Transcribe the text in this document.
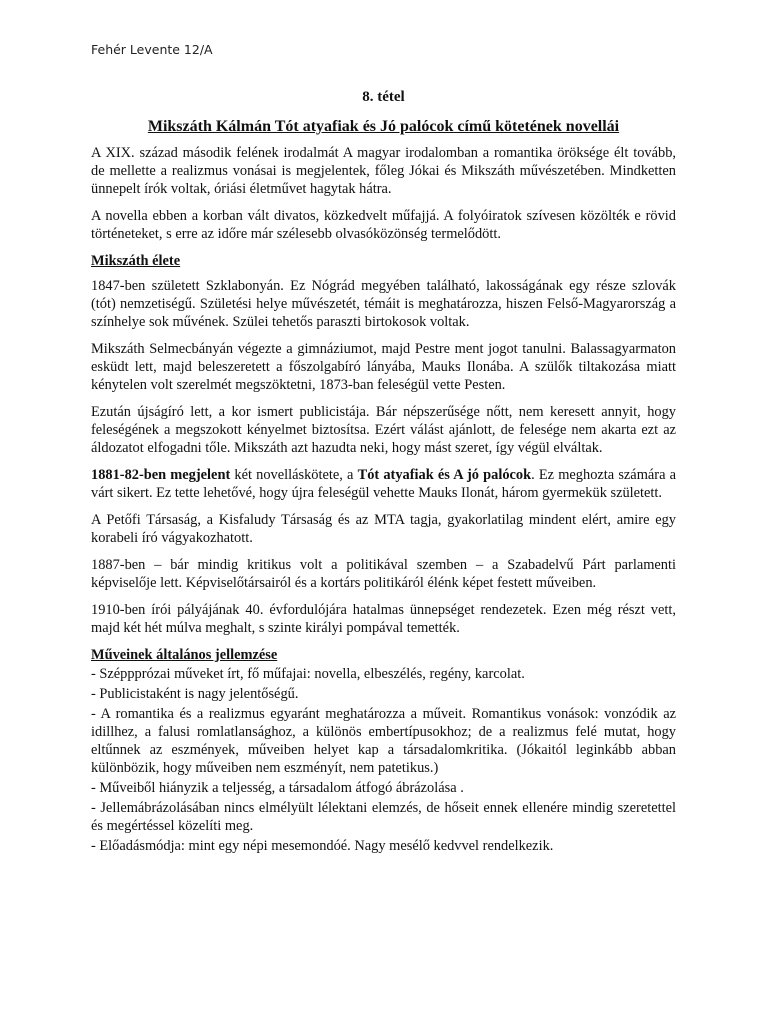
Fehér Levente 12/A
8. tétel
Mikszáth Kálmán Tót atyafiak és Jó palócok című kötetének novellái

A XIX. század második felének irodalmát A magyar irodalomban a romantika öröksége élt tovább, de mellette a realizmus vonásai is megjelentek, főleg Jókai és Mikszáth művészetében. Mindketten ünnepelt írók voltak, óriási életművet hagytak hátra.

A novella ebben a korban vált divatos, közkedvelt műfajjá. A folyóiratok szívesen közölték e rövid történeteket, s erre az időre már szélesebb olvasóközönség termelődött.

Mikszáth élete

1847-ben született Szklabonyán. Ez Nógrád megyében található, lakosságának egy része szlovák (tót) nemzetiségű. Születési helye művészetét, témáit is meghatározza, hiszen Felső-Magyarország a színhelye sok művének. Szülei tehetős paraszti birtokosok voltak.

Mikszáth Selmecbányán végezte a gimnáziumot, majd Pestre ment jogot tanulni. Balassagyarmaton esküdt lett, majd beleszeretett a főszolgabíró lányába, Mauks Ilonába. A szülők tiltakozása miatt kénytelen volt szerelmét megszöktetni, 1873-ban feleségül vette Pesten.

Ezután újságíró lett, a kor ismert publicistája. Bár népszerűsége nőtt, nem keresett annyit, hogy feleségének a megszokott kényelmet biztosítsa. Ezért válást ajánlott, de felesége nem akarta ezt az áldozatot elfogadni tőle. Mikszáth azt hazudta neki, hogy mást szeret, így végül elváltak.

1881-82-ben megjelent két novelláskötete, a Tót atyafiak és A jó palócok. Ez meghozta számára a várt sikert. Ez tette lehetővé, hogy újra feleségül vehette Mauks Ilonát, három gyermekük született.

A Petőfi Társaság, a Kisfaludy Társaság és az MTA tagja, gyakorlatilag mindent elért, amire egy korabeli író vágyakozhatott.

1887-ben – bár mindig kritikus volt a politikával szemben – a Szabadelvű Párt parlamenti képviselője lett. Képviselőtársairól és a kortárs politikáról élénk képet festett műveiben.

1910-ben írói pályájának 40. évfordulójára hatalmas ünnepséget rendezetek. Ezen még részt vett, majd két hét múlva meghalt, s szinte királyi pompával temették.

Műveinek általános jellemzése

- Széppprózai műveket írt, fő műfajai: novella, elbeszélés, regény, karcolat.

- Publicistaként is nagy jelentőségű.

- A romantika és a realizmus egyaránt meghatározza a műveit. Romantikus vonások: vonzódik az idillhez, a falusi romlatlansághoz, a különös embertípusokhoz; de a realizmus felé mutat, hogy eltűnnek az eszmények, műveiben helyet kap a társadalomkritika. (Jókaitól leginkább abban különbözik, hogy műveiben nem eszményít, nem patetikus.)

- Műveiből hiányzik a teljesség, a társadalom átfogó ábrázolása .

- Jellemábrázolásában nincs elmélyült lélektani elemzés, de hőseit ennek ellenére mindig szeretettel és megértéssel közelíti meg.

- Előadásmódja: mint egy népi mesemondóé. Nagy mesélő kedvvel rendelkezik.
